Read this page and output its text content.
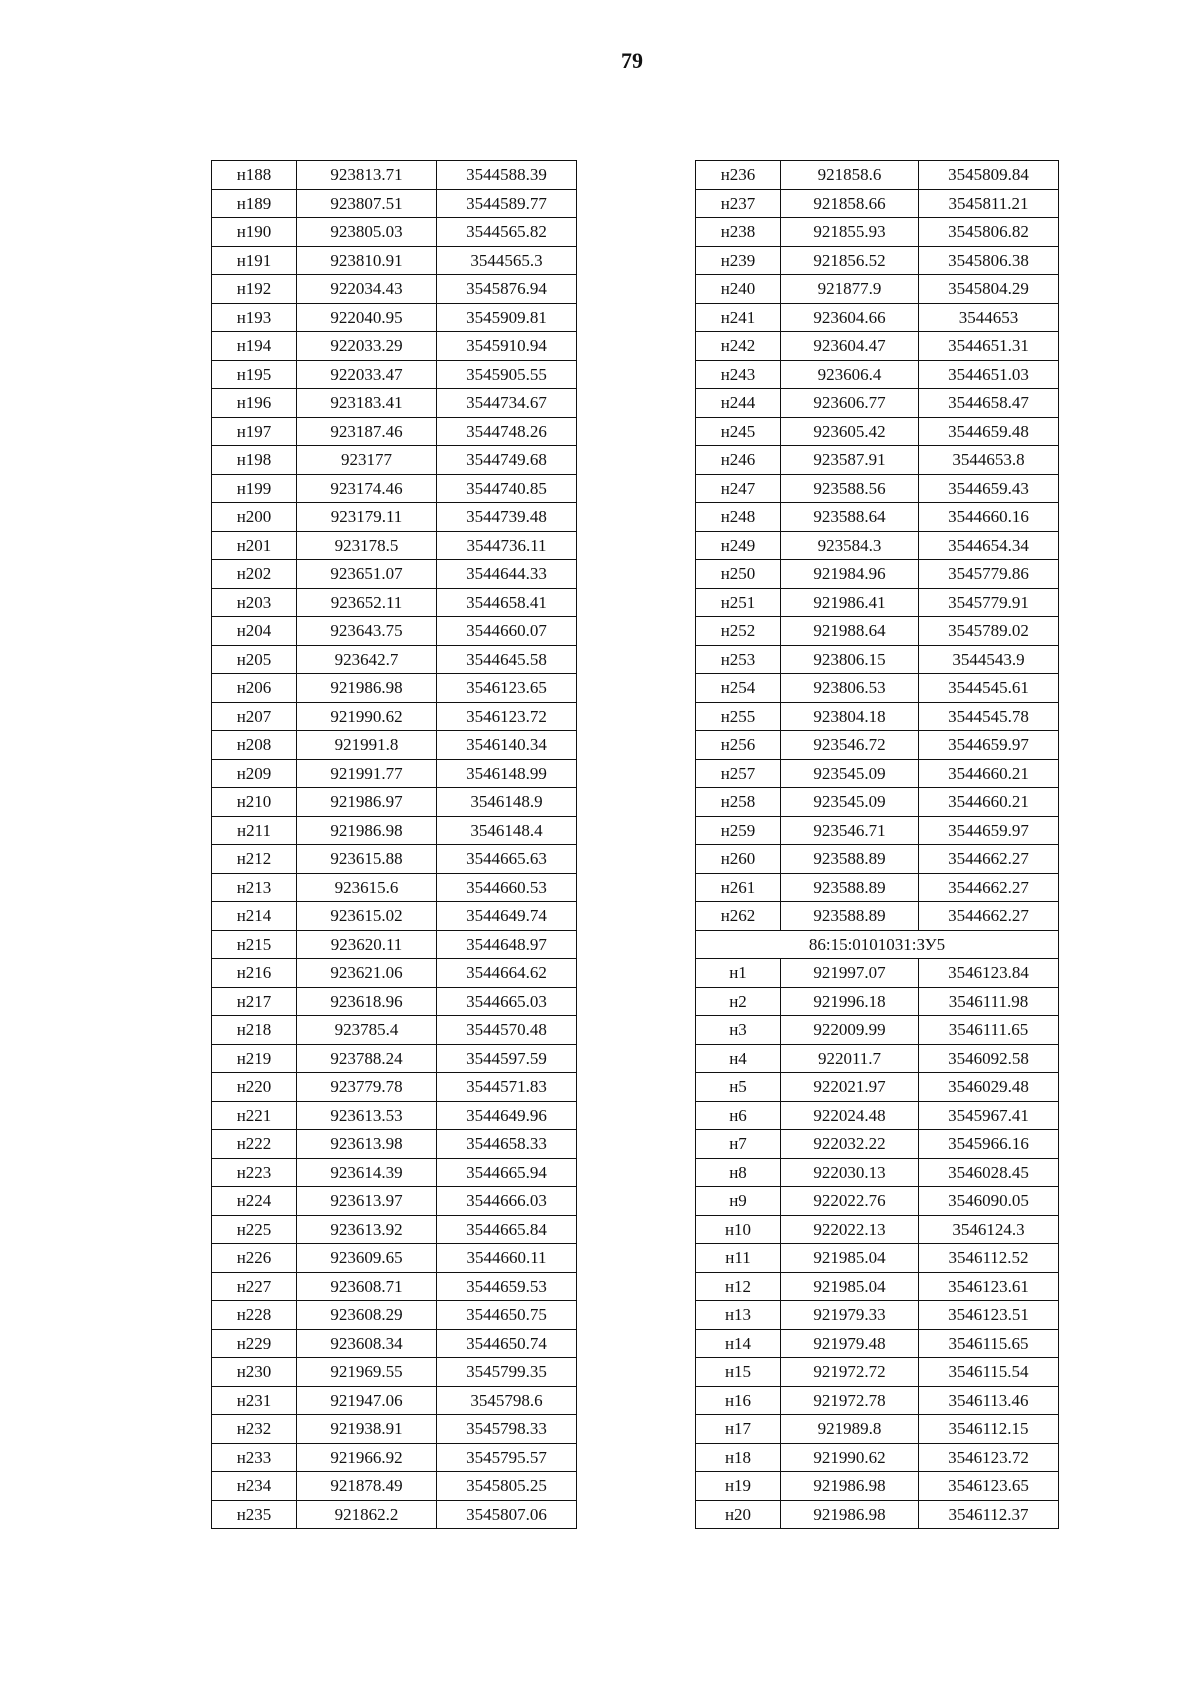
79
н188	923813.71	3544588.39
н189	923807.51	3544589.77
н190	923805.03	3544565.82
н191	923810.91	3544565.3
н192	922034.43	3545876.94
н193	922040.95	3545909.81
н194	922033.29	3545910.94
н195	922033.47	3545905.55
н196	923183.41	3544734.67
н197	923187.46	3544748.26
н198	923177	3544749.68
н199	923174.46	3544740.85
н200	923179.11	3544739.48
н201	923178.5	3544736.11
н202	923651.07	3544644.33
н203	923652.11	3544658.41
н204	923643.75	3544660.07
н205	923642.7	3544645.58
н206	921986.98	3546123.65
н207	921990.62	3546123.72
н208	921991.8	3546140.34
н209	921991.77	3546148.99
н210	921986.97	3546148.9
н211	921986.98	3546148.4
н212	923615.88	3544665.63
н213	923615.6	3544660.53
н214	923615.02	3544649.74
н215	923620.11	3544648.97
н216	923621.06	3544664.62
н217	923618.96	3544665.03
н218	923785.4	3544570.48
н219	923788.24	3544597.59
н220	923779.78	3544571.83
н221	923613.53	3544649.96
н222	923613.98	3544658.33
н223	923614.39	3544665.94
н224	923613.97	3544666.03
н225	923613.92	3544665.84
н226	923609.65	3544660.11
н227	923608.71	3544659.53
н228	923608.29	3544650.75
н229	923608.34	3544650.74
н230	921969.55	3545799.35
н231	921947.06	3545798.6
н232	921938.91	3545798.33
н233	921966.92	3545795.57
н234	921878.49	3545805.25
н235	921862.2	3545807.06
н236	921858.6	3545809.84
н237	921858.66	3545811.21
н238	921855.93	3545806.82
н239	921856.52	3545806.38
н240	921877.9	3545804.29
н241	923604.66	3544653
н242	923604.47	3544651.31
н243	923606.4	3544651.03
н244	923606.77	3544658.47
н245	923605.42	3544659.48
н246	923587.91	3544653.8
н247	923588.56	3544659.43
н248	923588.64	3544660.16
н249	923584.3	3544654.34
н250	921984.96	3545779.86
н251	921986.41	3545779.91
н252	921988.64	3545789.02
н253	923806.15	3544543.9
н254	923806.53	3544545.61
н255	923804.18	3544545.78
н256	923546.72	3544659.97
н257	923545.09	3544660.21
н258	923545.09	3544660.21
н259	923546.71	3544659.97
н260	923588.89	3544662.27
н261	923588.89	3544662.27
н262	923588.89	3544662.27
86:15:0101031:ЗУ5		
н1	921997.07	3546123.84
н2	921996.18	3546111.98
н3	922009.99	3546111.65
н4	922011.7	3546092.58
н5	922021.97	3546029.48
н6	922024.48	3545967.41
н7	922032.22	3545966.16
н8	922030.13	3546028.45
н9	922022.76	3546090.05
н10	922022.13	3546124.3
н11	921985.04	3546112.52
н12	921985.04	3546123.61
н13	921979.33	3546123.51
н14	921979.48	3546115.65
н15	921972.72	3546115.54
н16	921972.78	3546113.46
н17	921989.8	3546112.15
н18	921990.62	3546123.72
н19	921986.98	3546123.65
н20	921986.98	3546112.37
